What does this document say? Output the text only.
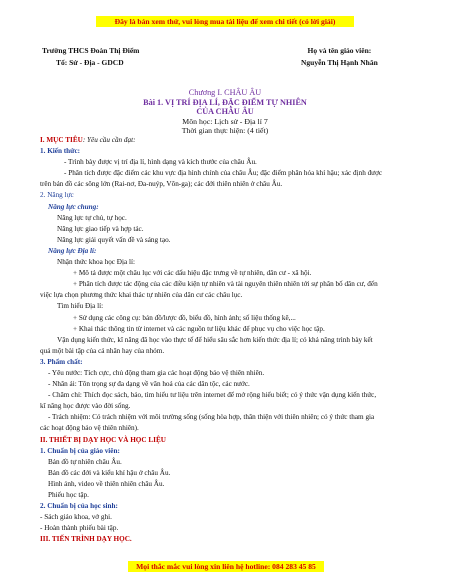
Đây là bản xem thử, vui lòng mua tài liệu để xem chi tiết (có lời giải)
Trường THCS Đoàn Thị Điểm
Tổ: Sử - Địa - GDCD
Họ và tên giáo viên:
Nguyễn Thị Hạnh Nhân
Chương I. CHÂU ÂU
Bài 1. VỊ TRÍ ĐỊA LÍ, ĐẶC ĐIỂM TỰ NHIÊN
CỦA CHÂU ÂU
Môn học: Lịch sử - Địa lí 7
Thời gian thực hiện: (4 tiết)
I. MỤC TIÊU: Yêu cầu cần đạt:
1. Kiến thức:
- Trình bày được vị trí địa lí, hình dạng và kích thước của châu Âu.
- Phân tích được đặc điểm các khu vực địa hình chính của châu Âu; đặc điểm phân hóa khí hậu; xác định được
trên bản đồ các sông lớn (Rai-nơ, Đa-nuýp, Vôn-ga); các đới thiên nhiên ở châu Âu.
2. Năng lực
Năng lực chung:
Năng lực tự chủ, tự học.
Năng lực giao tiếp và hợp tác.
Năng lực giải quyết vấn đề và sáng tạo.
Năng lực Địa lí:
Nhận thức khoa học Địa lí:
+ Mô tả được một châu lục với các dấu hiệu đặc trưng về tự nhiên, dân cư - xã hội.
+ Phân tích được tác động của các điều kiện tự nhiên và tài nguyên thiên nhiên tới sự phân bố dân cư, đến
việc lựa chọn phương thức khai thác tự nhiên của dân cư các châu lục.
Tìm hiểu Địa lí:
+ Sử dụng các công cụ: bản đồ/lược đồ, biểu đồ, hình ảnh; số liệu thống kê,...
+ Khai thác thông tin từ internet và các nguồn tư liệu khác để phục vụ cho việc học tập.
Vận dụng kiến thức, kĩ năng đã học vào thực tế để hiểu sâu sắc hơn kiến thức địa lí; có khả năng trình bày kết
quả một bài tập của cá nhân hay của nhóm.
3. Phẩm chất:
- Yêu nước: Tích cực, chủ động tham gia các hoạt động bảo vệ thiên nhiên.
- Nhân ái: Tôn trọng sự đa dạng về văn hoá của các dân tộc, các nước.
- Chăm chỉ: Thích đọc sách, báo, tìm hiểu tư liệu trên internet để mở rộng hiểu biết; có ý thức vận dụng kiến thức,
kĩ năng học được vào đời sống.
- Trách nhiệm: Có trách nhiệm với môi trường sống (sống hòa hợp, thân thiện với thiên nhiên; có ý thức tham gia
các hoạt động bảo vệ thiên nhiên).
II. THIẾT BỊ DẠY HỌC VÀ HỌC LIỆU
1. Chuẩn bị của giáo viên:
Bản đồ tự nhiên châu Âu.
Bản đồ các đới và kiểu khí hậu ở châu Âu.
Hình ảnh, video về thiên nhiên châu Âu.
Phiếu học tập.
2. Chuẩn bị của học sinh:
- Sách giáo khoa, vở ghi.
- Hoàn thành phiếu bài tập.
III. TIẾN TRÌNH DẠY HỌC.
Mọi thắc mắc vui lòng xin liên hệ hotline: 084 283 45 85
